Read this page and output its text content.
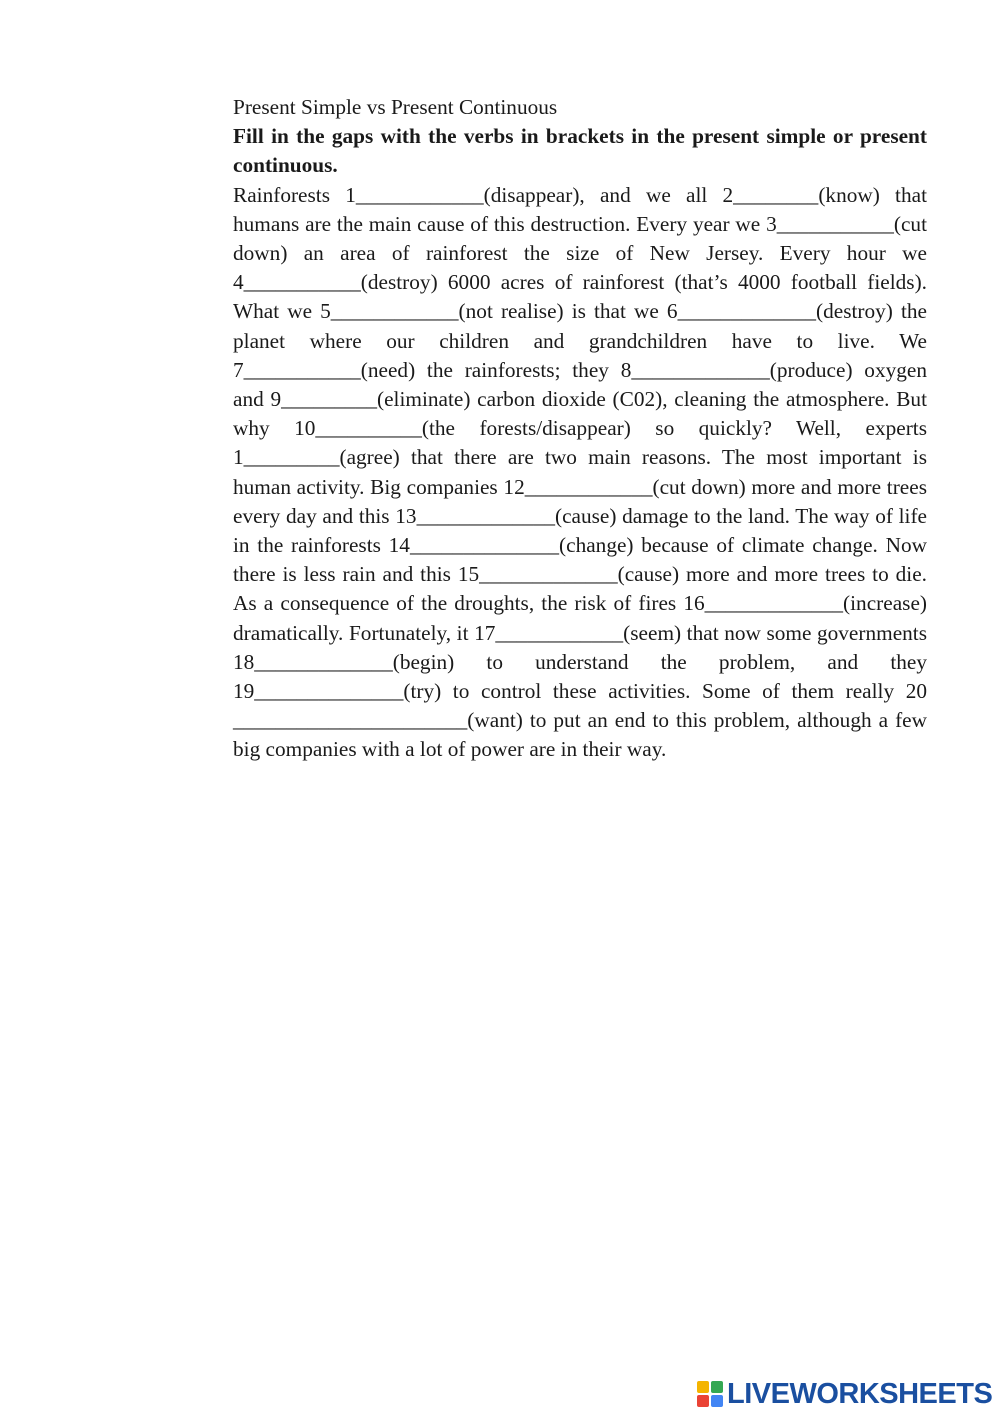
Present Simple vs Present Continuous

Fill in the gaps with the verbs in brackets in the present simple or present continuous.

Rainforests 1____________(disappear), and we all 2________(know) that humans are the main cause of this destruction. Every year we 3___________(cut down) an area of rainforest the size of New Jersey. Every hour we 4___________(destroy) 6000 acres of rainforest (that’s 4000 football fields). What we 5____________(not realise) is that we 6_____________(destroy) the planet where our children and grandchildren have to live. We 7___________(need) the rainforests; they 8_____________(produce) oxygen and 9_________(eliminate) carbon dioxide (C02), cleaning the atmosphere. But why 10__________(the forests/disappear) so quickly? Well, experts 1_________(agree) that there are two main reasons. The most important is human activity. Big companies 12____________(cut down) more and more trees every day and this 13_____________(cause) damage to the land. The way of life in the rainforests 14______________(change) because of climate change. Now there is less rain and this 15_____________(cause) more and more trees to die. As a consequence of the droughts, the risk of fires 16_____________(increase) dramatically. Fortunately, it 17____________(seem) that now some governments 18_____________(begin) to understand the problem, and they 19______________(try) to control these activities. Some of them really 20 ______________________(want) to put an end to this problem, although a few big companies with a lot of power are in their way.

LIVEWORKSHEETS
